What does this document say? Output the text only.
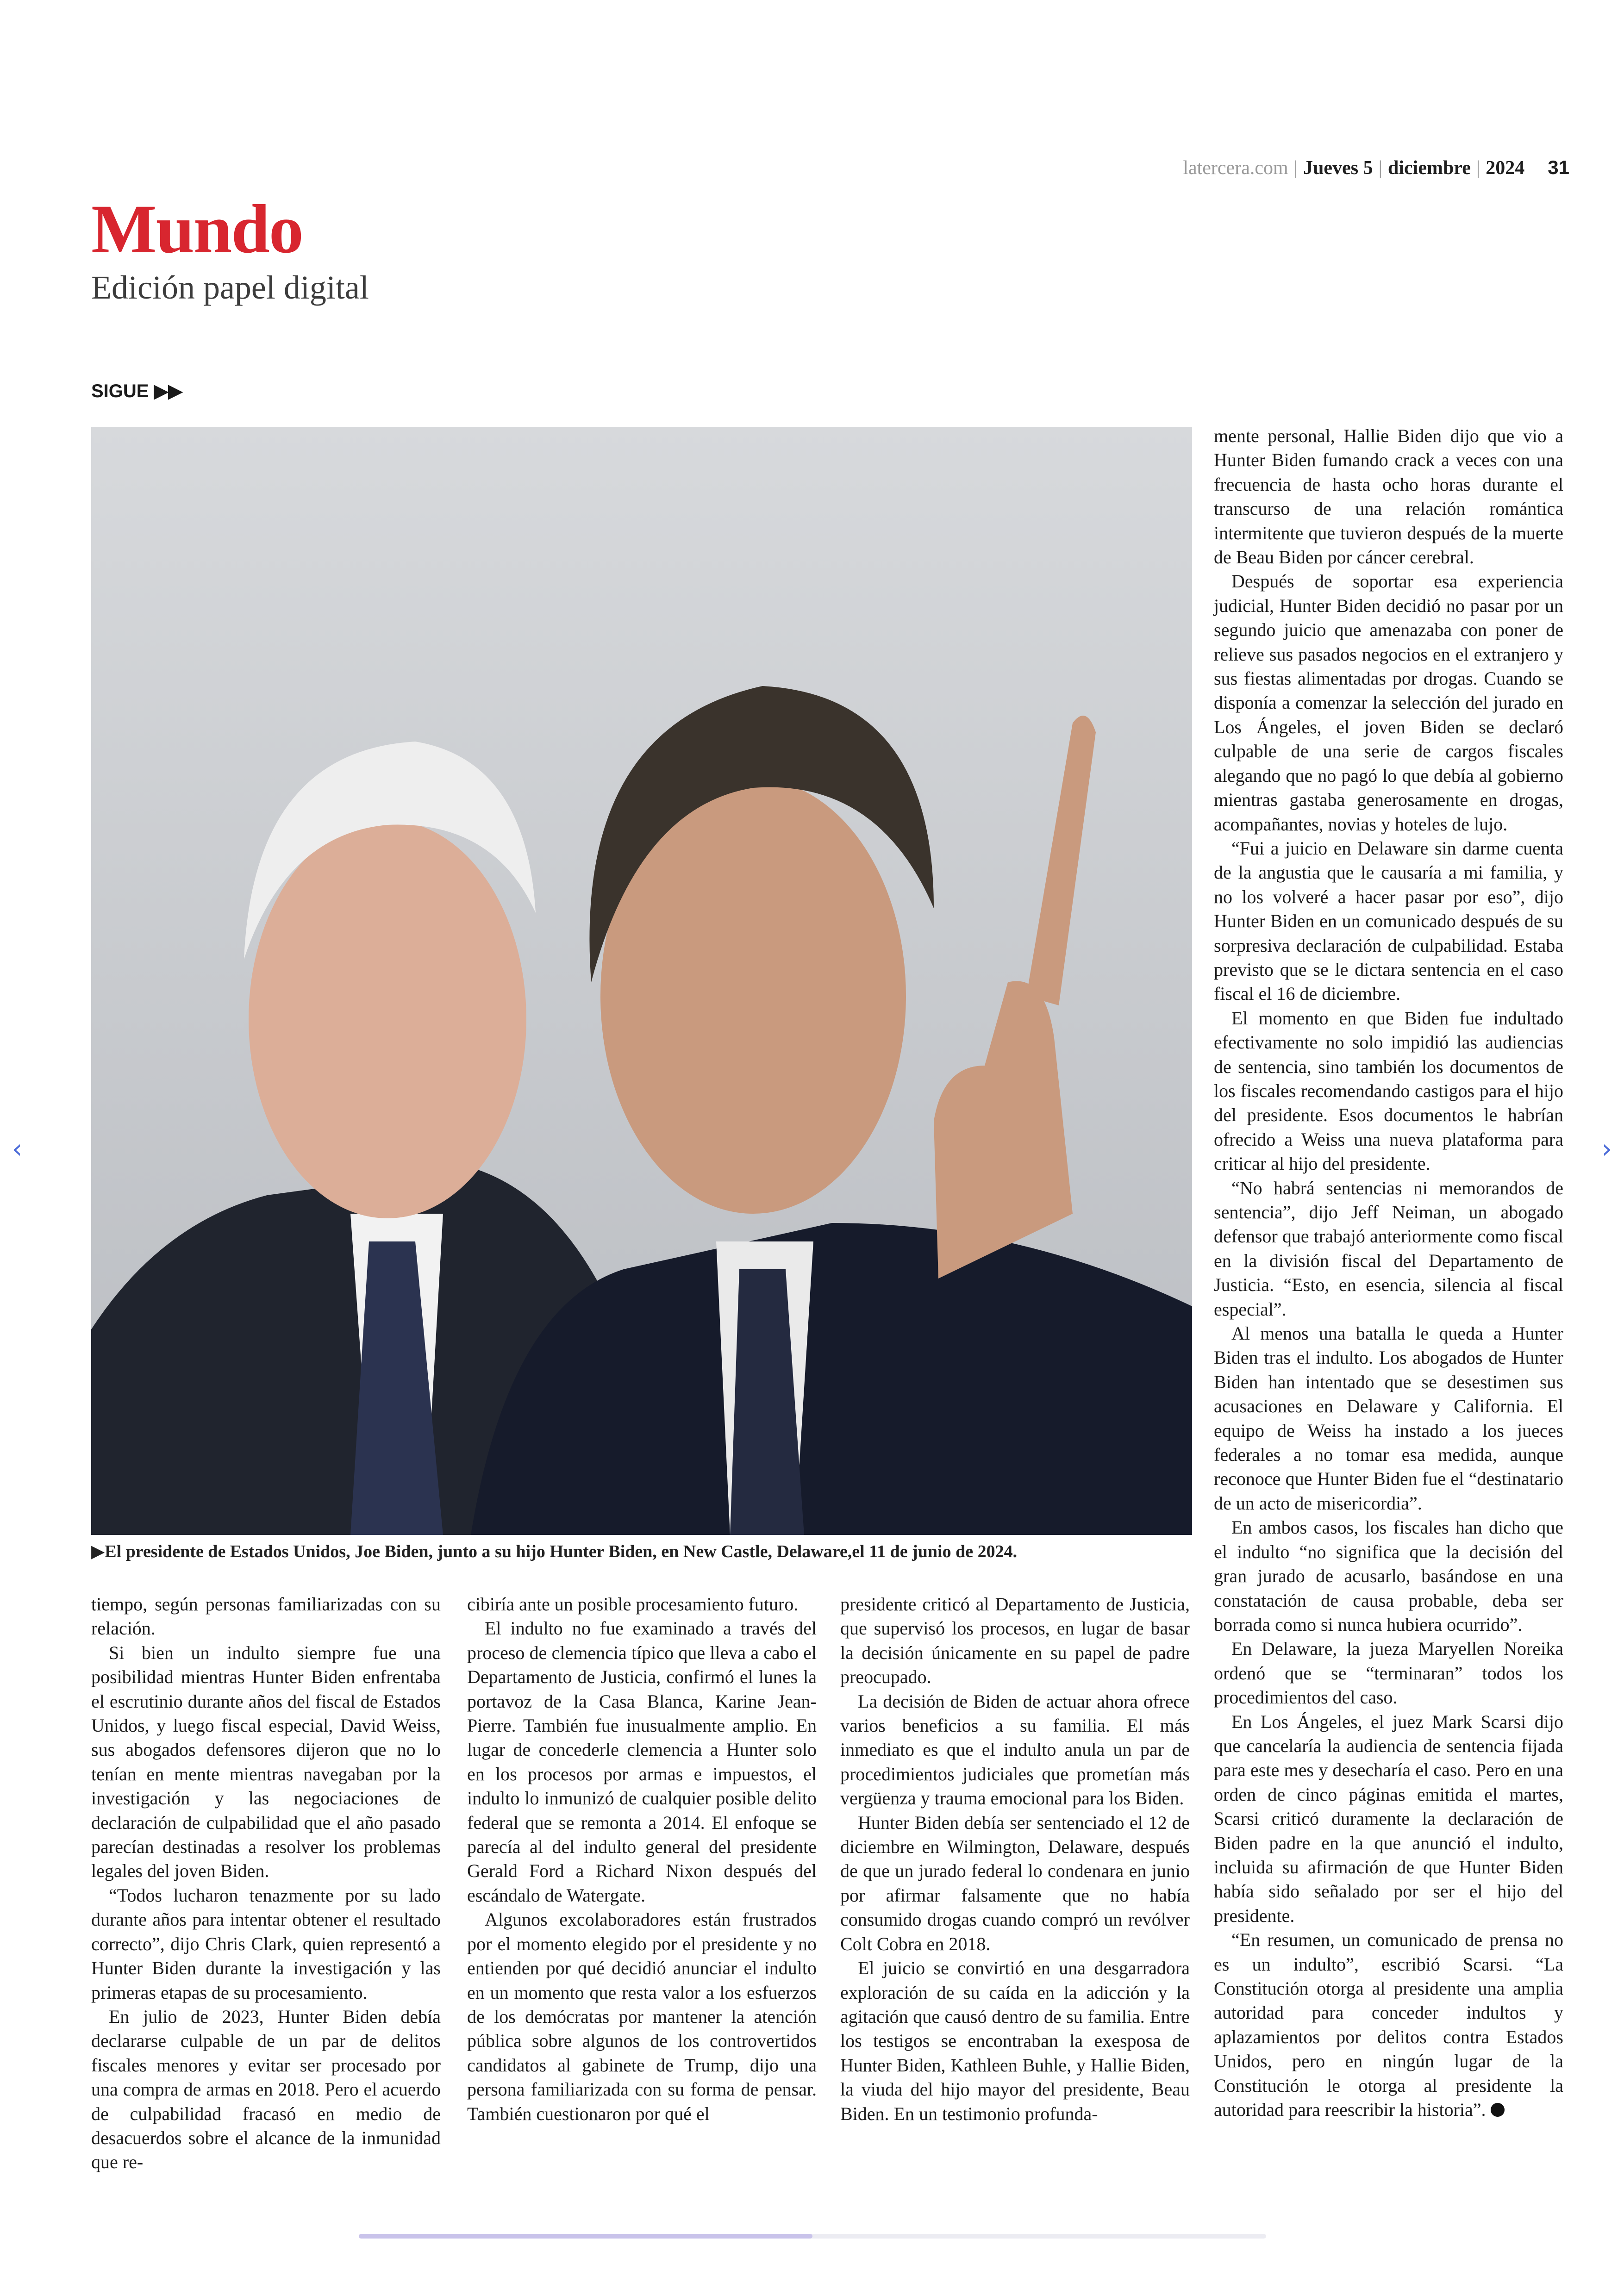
latercera.com | Jueves 5 | diciembre | 2024 31
Mundo
Edición papel digital
SIGUE ▶▶
▶El presidente de Estados Unidos, Joe Biden, junto a su hijo Hunter Biden, en New Castle, Delaware,el 11 de junio de 2024.

tiempo, según personas familiarizadas con su relación.

Si bien un indulto siempre fue una posibilidad mientras Hunter Biden enfrentaba el escrutinio durante años del fiscal de Estados Unidos, y luego fiscal especial, David Weiss, sus abogados defensores dijeron que no lo tenían en mente mientras navegaban por la investigación y las negociaciones de declaración de culpabilidad que el año pasado parecían destinadas a resolver los problemas legales del joven Biden.

“Todos lucharon tenazmente por su lado durante años para intentar obtener el resultado correcto”, dijo Chris Clark, quien representó a Hunter Biden durante la investigación y las primeras etapas de su procesamiento.

En julio de 2023, Hunter Biden debía declararse culpable de un par de delitos fiscales menores y evitar ser procesado por una compra de armas en 2018. Pero el acuerdo de culpabilidad fracasó en medio de desacuerdos sobre el alcance de la inmunidad que re-

cibiría ante un posible procesamiento futuro.

El indulto no fue examinado a través del proceso de clemencia típico que lleva a cabo el Departamento de Justicia, confirmó el lunes la portavoz de la Casa Blanca, Karine Jean-Pierre. También fue inusualmente amplio. En lugar de concederle clemencia a Hunter solo en los procesos por armas e impuestos, el indulto lo inmunizó de cualquier posible delito federal que se remonta a 2014. El enfoque se parecía al del indulto general del presidente Gerald Ford a Richard Nixon después del escándalo de Watergate.

Algunos excolaboradores están frustrados por el momento elegido por el presidente y no entienden por qué decidió anunciar el indulto en un momento que resta valor a los esfuerzos de los demócratas por mantener la atención pública sobre algunos de los controvertidos candidatos al gabinete de Trump, dijo una persona familiarizada con su forma de pensar. También cuestionaron por qué el

presidente criticó al Departamento de Justicia, que supervisó los procesos, en lugar de basar la decisión únicamente en su papel de padre preocupado.

La decisión de Biden de actuar ahora ofrece varios beneficios a su familia. El más inmediato es que el indulto anula un par de procedimientos judiciales que prometían más vergüenza y trauma emocional para los Biden.

Hunter Biden debía ser sentenciado el 12 de diciembre en Wilmington, Delaware, después de que un jurado federal lo condenara en junio por afirmar falsamente que no había consumido drogas cuando compró un revólver Colt Cobra en 2018.

El juicio se convirtió en una desgarradora exploración de su caída en la adicción y la agitación que causó dentro de su familia. Entre los testigos se encontraban la exesposa de Hunter Biden, Kathleen Buhle, y Hallie Biden, la viuda del hijo mayor del presidente, Beau Biden. En un testimonio profunda-

mente personal, Hallie Biden dijo que vio a Hunter Biden fumando crack a veces con una frecuencia de hasta ocho horas durante el transcurso de una relación romántica intermitente que tuvieron después de la muerte de Beau Biden por cáncer cerebral.

Después de soportar esa experiencia judicial, Hunter Biden decidió no pasar por un segundo juicio que amenazaba con poner de relieve sus pasados negocios en el extranjero y sus fiestas alimentadas por drogas. Cuando se disponía a comenzar la selección del jurado en Los Ángeles, el joven Biden se declaró culpable de una serie de cargos fiscales alegando que no pagó lo que debía al gobierno mientras gastaba generosamente en drogas, acompañantes, novias y hoteles de lujo.

“Fui a juicio en Delaware sin darme cuenta de la angustia que le causaría a mi familia, y no los volveré a hacer pasar por eso”, dijo Hunter Biden en un comunicado después de su sorpresiva declaración de culpabilidad. Estaba previsto que se le dictara sentencia en el caso fiscal el 16 de diciembre.

El momento en que Biden fue indultado efectivamente no solo impidió las audiencias de sentencia, sino también los documentos de los fiscales recomendando castigos para el hijo del presidente. Esos documentos le habrían ofrecido a Weiss una nueva plataforma para criticar al hijo del presidente.

“No habrá sentencias ni memorandos de sentencia”, dijo Jeff Neiman, un abogado defensor que trabajó anteriormente como fiscal en la división fiscal del Departamento de Justicia. “Esto, en esencia, silencia al fiscal especial”.

Al menos una batalla le queda a Hunter Biden tras el indulto. Los abogados de Hunter Biden han intentado que se desestimen sus acusaciones en Delaware y California. El equipo de Weiss ha instado a los jueces federales a no tomar esa medida, aunque reconoce que Hunter Biden fue el “destinatario de un acto de misericordia”.

En ambos casos, los fiscales han dicho que el indulto “no significa que la decisión del gran jurado de acusarlo, basándose en una constatación de causa probable, deba ser borrada como si nunca hubiera ocurrido”.

En Delaware, la jueza Maryellen Noreika ordenó que se “terminaran” todos los procedimientos del caso.

En Los Ángeles, el juez Mark Scarsi dijo que cancelaría la audiencia de sentencia fijada para este mes y desecharía el caso. Pero en una orden de cinco páginas emitida el martes, Scarsi criticó duramente la declaración de Biden padre en la que anunció el indulto, incluida su afirmación de que Hunter Biden había sido señalado por ser el hijo del presidente.

“En resumen, un comunicado de prensa no es un indulto”, escribió Scarsi. “La Constitución otorga al presidente una amplia autoridad para conceder indultos y aplazamientos por delitos contra Estados Unidos, pero en ningún lugar de la Constitución le otorga al presidente la autoridad para reescribir la historia”.

‹	›
